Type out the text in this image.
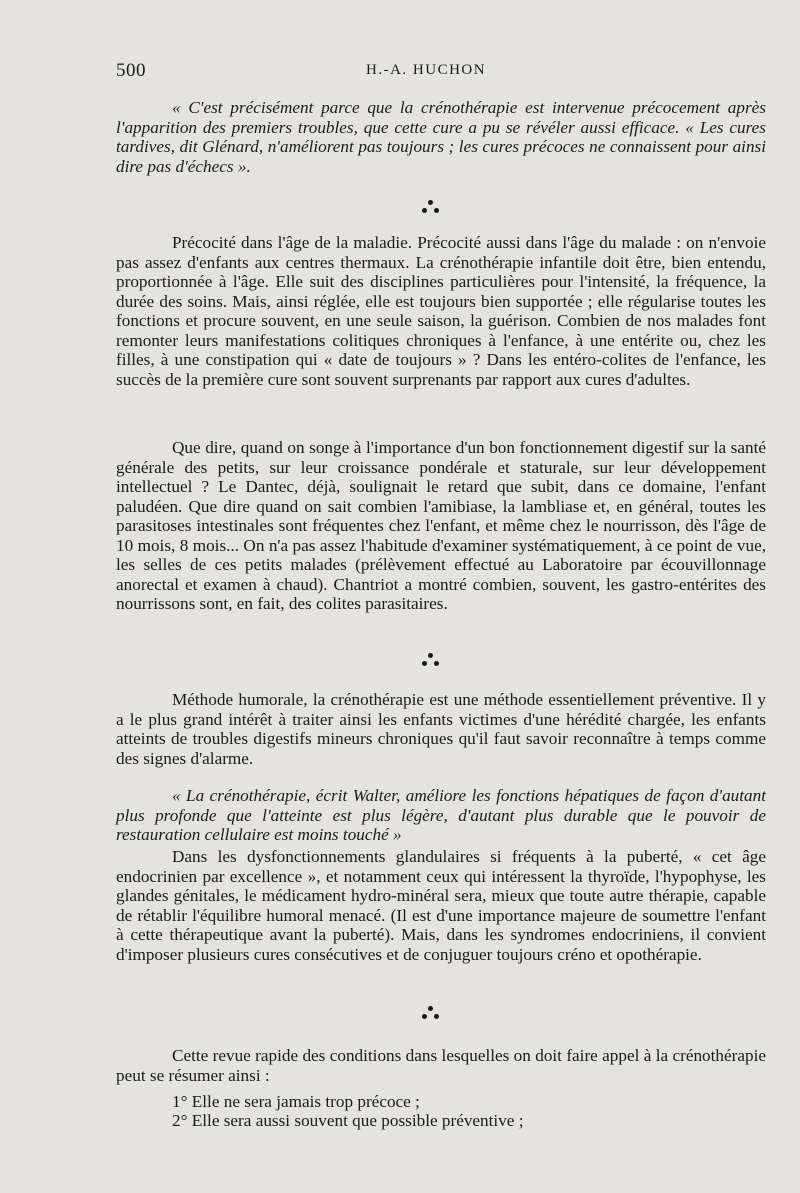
500	H.-A. HUCHON

« C'est précisément parce que la crénothérapie est intervenue précocement après l'apparition des premiers troubles, que cette cure a pu se révéler aussi efficace. « Les cures tardives, dit Glénard, n'améliorent pas toujours ; les cures précoces ne connaissent pour ainsi dire pas d'échecs ».

Précocité dans l'âge de la maladie. Précocité aussi dans l'âge du malade : on n'envoie pas assez d'enfants aux centres thermaux. La crénothérapie infantile doit être, bien entendu, proportionnée à l'âge. Elle suit des disciplines particulières pour l'intensité, la fréquence, la durée des soins. Mais, ainsi réglée, elle est toujours bien supportée ; elle régularise toutes les fonctions et procure souvent, en une seule saison, la guérison. Combien de nos malades font remonter leurs manifestations colitiques chroniques à l'enfance, à une entérite ou, chez les filles, à une constipation qui « date de toujours » ? Dans les entéro-colites de l'enfance, les succès de la première cure sont souvent surprenants par rapport aux cures d'adultes.

Que dire, quand on songe à l'importance d'un bon fonctionnement digestif sur la santé générale des petits, sur leur croissance pondérale et staturale, sur leur développement intellectuel ? Le Dantec, déjà, soulignait le retard que subit, dans ce domaine, l'enfant paludéen. Que dire quand on sait combien l'amibiase, la lambliase et, en général, toutes les parasitoses intestinales sont fréquentes chez l'enfant, et même chez le nourrisson, dès l'âge de 10 mois, 8 mois... On n'a pas assez l'habitude d'examiner systématiquement, à ce point de vue, les selles de ces petits malades (prélèvement effectué au Laboratoire par écouvillonnage anorectal et examen à chaud). Chantriot a montré combien, souvent, les gastro-entérites des nourrissons sont, en fait, des colites parasitaires.

Méthode humorale, la crénothérapie est une méthode essentiellement préventive. Il y a le plus grand intérêt à traiter ainsi les enfants victimes d'une hérédité chargée, les enfants atteints de troubles digestifs mineurs chroniques qu'il faut savoir reconnaître à temps comme des signes d'alarme.

« La crénothérapie, écrit Walter, améliore les fonctions hépatiques de façon d'autant plus profonde que l'atteinte est plus légère, d'autant plus durable que le pouvoir de restauration cellulaire est moins touché »

Dans les dysfonctionnements glandulaires si fréquents à la puberté, « cet âge endocrinien par excellence », et notamment ceux qui intéressent la thyroïde, l'hypophyse, les glandes génitales, le médicament hydro-minéral sera, mieux que toute autre thérapie, capable de rétablir l'équilibre humoral menacé. (Il est d'une importance majeure de soumettre l'enfant à cette thérapeutique avant la puberté). Mais, dans les syndromes endocriniens, il convient d'imposer plusieurs cures consécutives et de conjuguer toujours créno et opothérapie.

Cette revue rapide des conditions dans lesquelles on doit faire appel à la crénothérapie peut se résumer ainsi :

1° Elle ne sera jamais trop précoce ;

2° Elle sera aussi souvent que possible préventive ;
